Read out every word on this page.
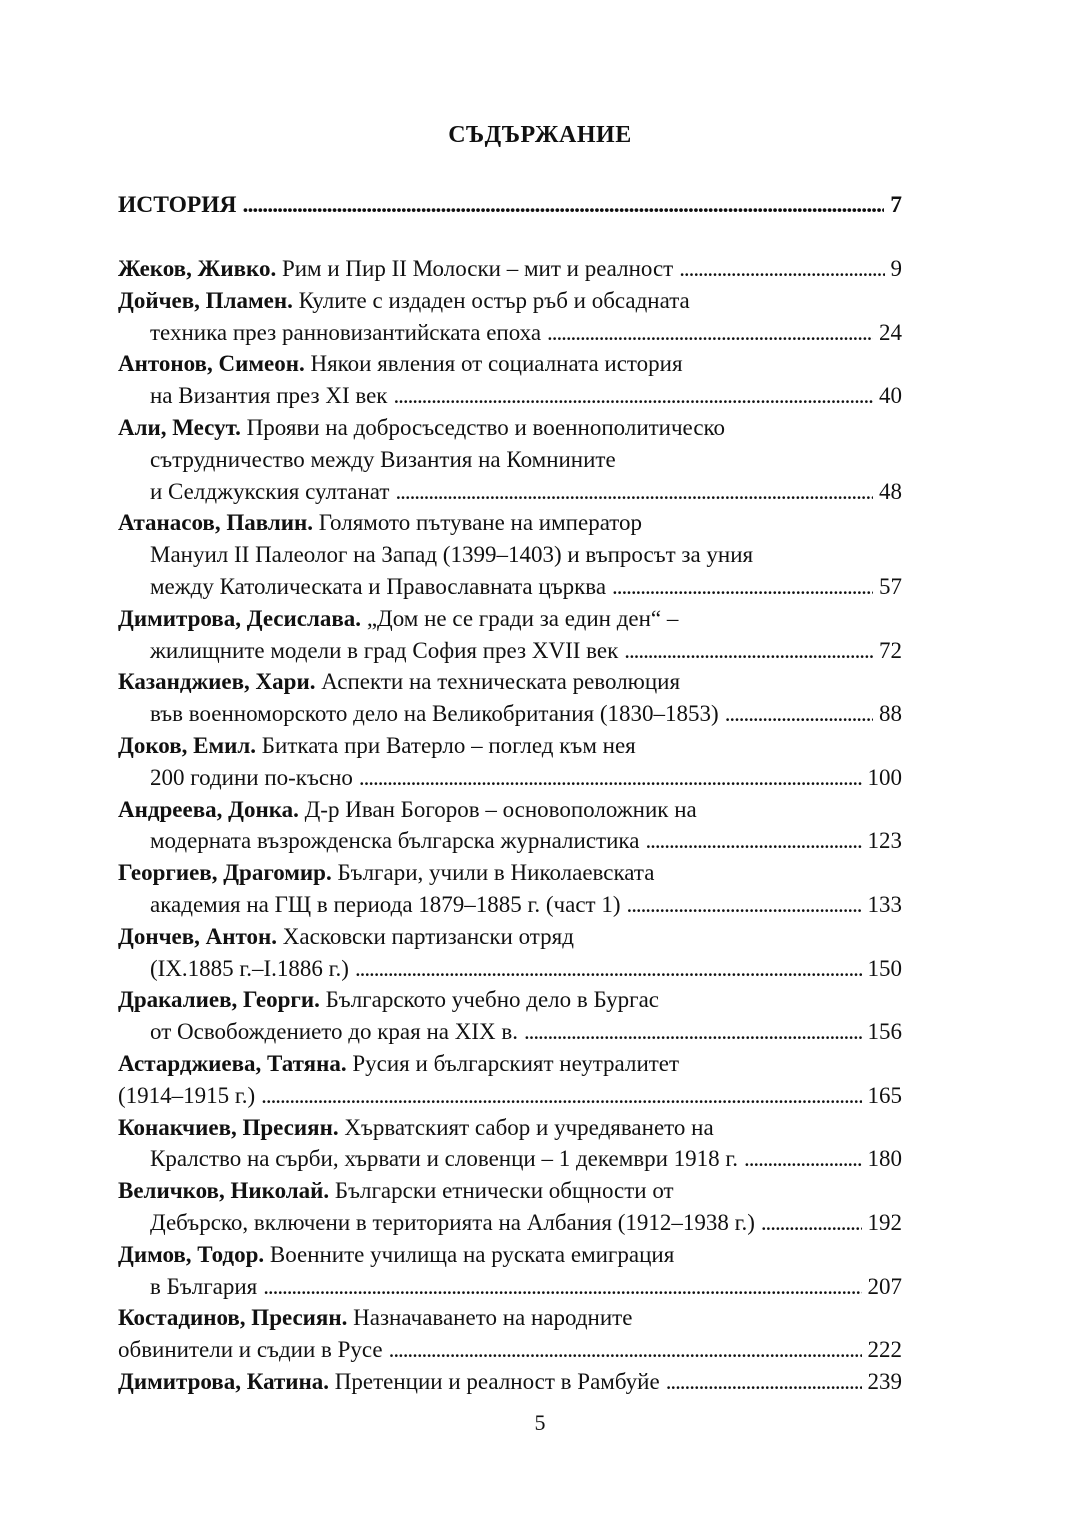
СЪДЪРЖАНИЕ
ИСТОРИЯ . . .	7
Жеков, Живко. Рим и Пир II Молоски – мит и реалност . . .	9
Дойчев, Пламен. Кулите с издаден остър ръб и обсадната
техника през ранновизантийската епоха . . .	24
Антонов, Симеон. Някои явления от социалната история
на Византия през XI век . . .	40
Али, Месут. Прояви на добросъседство и военнополитическо
сътрудничество между Византия на Комнините
и Селджукския султанат . . .	48
Атанасов, Павлин. Голямото пътуване на император
Мануил II Палеолог на Запад (1399–1403) и въпросът за уния
между Католическата и Православната църква . . .	57
Димитрова, Десислава. „Дом не се гради за един ден“ –
жилищните модели в град София през XVII век . . .	72
Казанджиев, Хари. Аспекти на техническата революция
във военноморското дело на Великобритания (1830–1853) . . .	88
Доков, Емил. Битката при Ватерло – поглед към нея
200 години по-късно . . .	100
Андреева, Донка. Д-р Иван Богоров – основоположник на
модерната възрожденска българска журналистика . . .	123
Георгиев, Драгомир. Българи, учили в Николаевската
академия на ГЩ в периода 1879–1885 г. (част 1) . . .	133
Дончев, Антон. Хасковски партизански отряд
(IX.1885 г.–I.1886 г.) . . .	150
Дракалиев, Георги. Българското учебно дело в Бургас
от Освобождението до края на XIX в. . . .	156
Астарджиева, Татяна. Русия и българският неутралитет
(1914–1915 г.) . . .	165
Конакчиев, Пресиян. Хърватският сабор и учредяването на
Кралство на сърби, хървати и словенци – 1 декември 1918 г. . . .	180
Величков, Николай. Български етнически общности от
Дебърско, включени в територията на Албания (1912–1938 г.) . . .	192
Димов, Тодор. Военните училища на руската емиграция
в България . . .	207
Костадинов, Пресиян. Назначаването на народните
обвинители и съдии в Русе . . .	222
Димитрова, Катина. Претенции и реалност в Рамбуйе . . .	239
5
